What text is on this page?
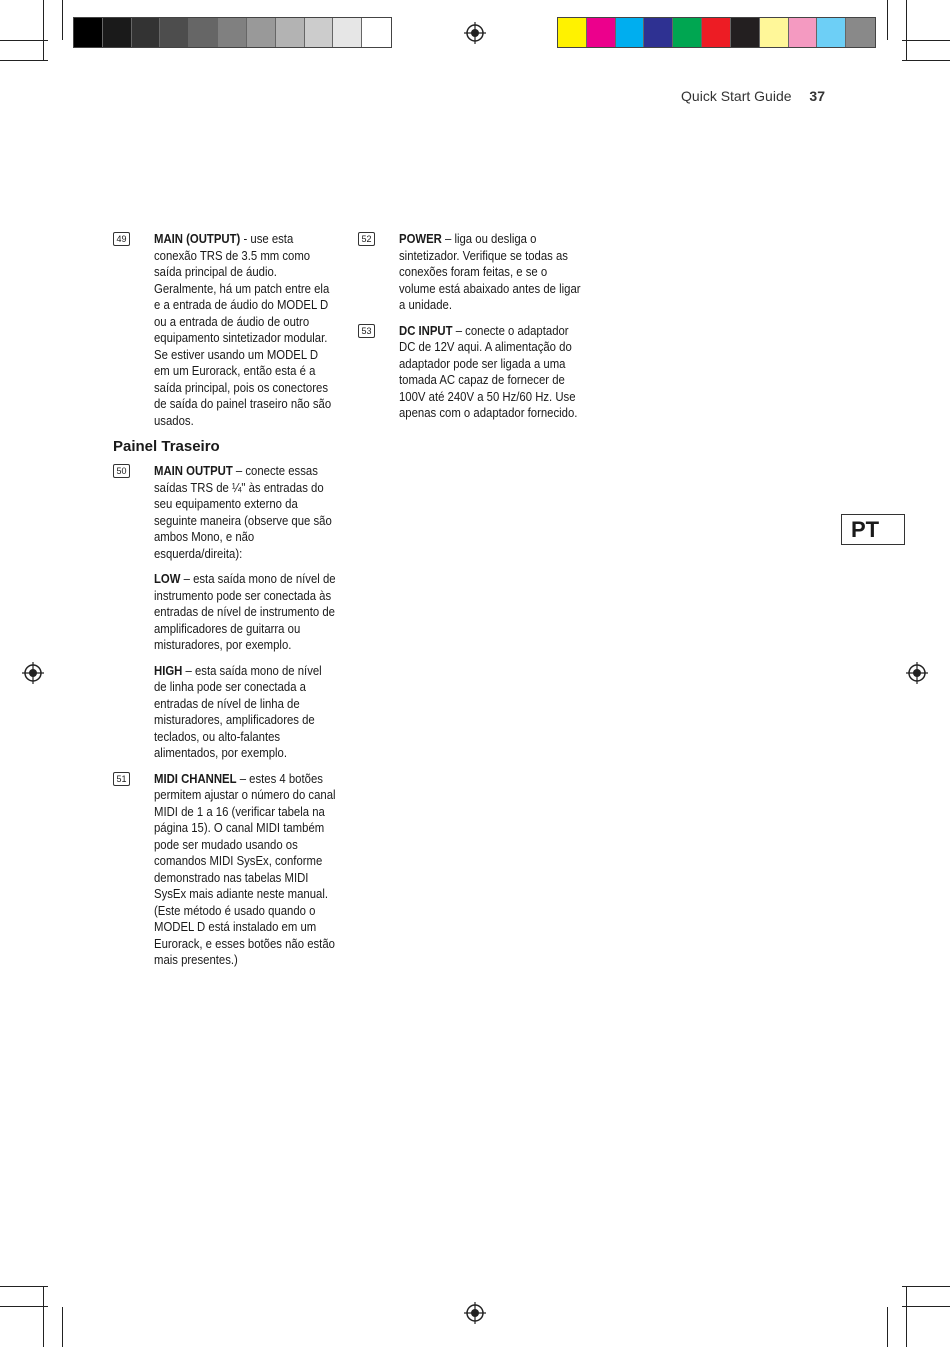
Quick Start Guide 37
PT
49 MAIN (OUTPUT) - use esta conexão TRS de 3.5 mm como saída principal de áudio. Geralmente, há um patch entre ela e a entrada de áudio do MODEL D ou a entrada de áudio de outro equipamento sintetizador modular. Se estiver usando um MODEL D em um Eurorack, então esta é a saída principal, pois os conectores de saída do painel traseiro não são usados.

Painel Traseiro
50 MAIN OUTPUT – conecte essas saídas TRS de ¼" às entradas do seu equipamento externo da seguinte maneira (observe que são ambos Mono, e não esquerda/direita):

LOW – esta saída mono de nível de instrumento pode ser conectada às entradas de nível de instrumento de amplificadores de guitarra ou misturadores, por exemplo.

HIGH – esta saída mono de nível de linha pode ser conectada a entradas de nível de linha de misturadores, amplificadores de teclados, ou alto-falantes alimentados, por exemplo.

51 MIDI CHANNEL – estes 4 botões permitem ajustar o número do canal MIDI de 1 a 16 (verificar tabela na página 15). O canal MIDI também pode ser mudado usando os comandos MIDI SysEx, conforme demonstrado nas tabelas MIDI SysEx mais adiante neste manual. (Este método é usado quando o MODEL D está instalado em um Eurorack, e esses botões não estão mais presentes.)

52 POWER – liga ou desliga o sintetizador. Verifique se todas as conexões foram feitas, e se o volume está abaixado antes de ligar a unidade.

53 DC INPUT – conecte o adaptador DC de 12V aqui. A alimentação do adaptador pode ser ligada a uma tomada AC capaz de fornecer de 100V até 240V a 50 Hz/60 Hz. Use apenas com o adaptador fornecido.
